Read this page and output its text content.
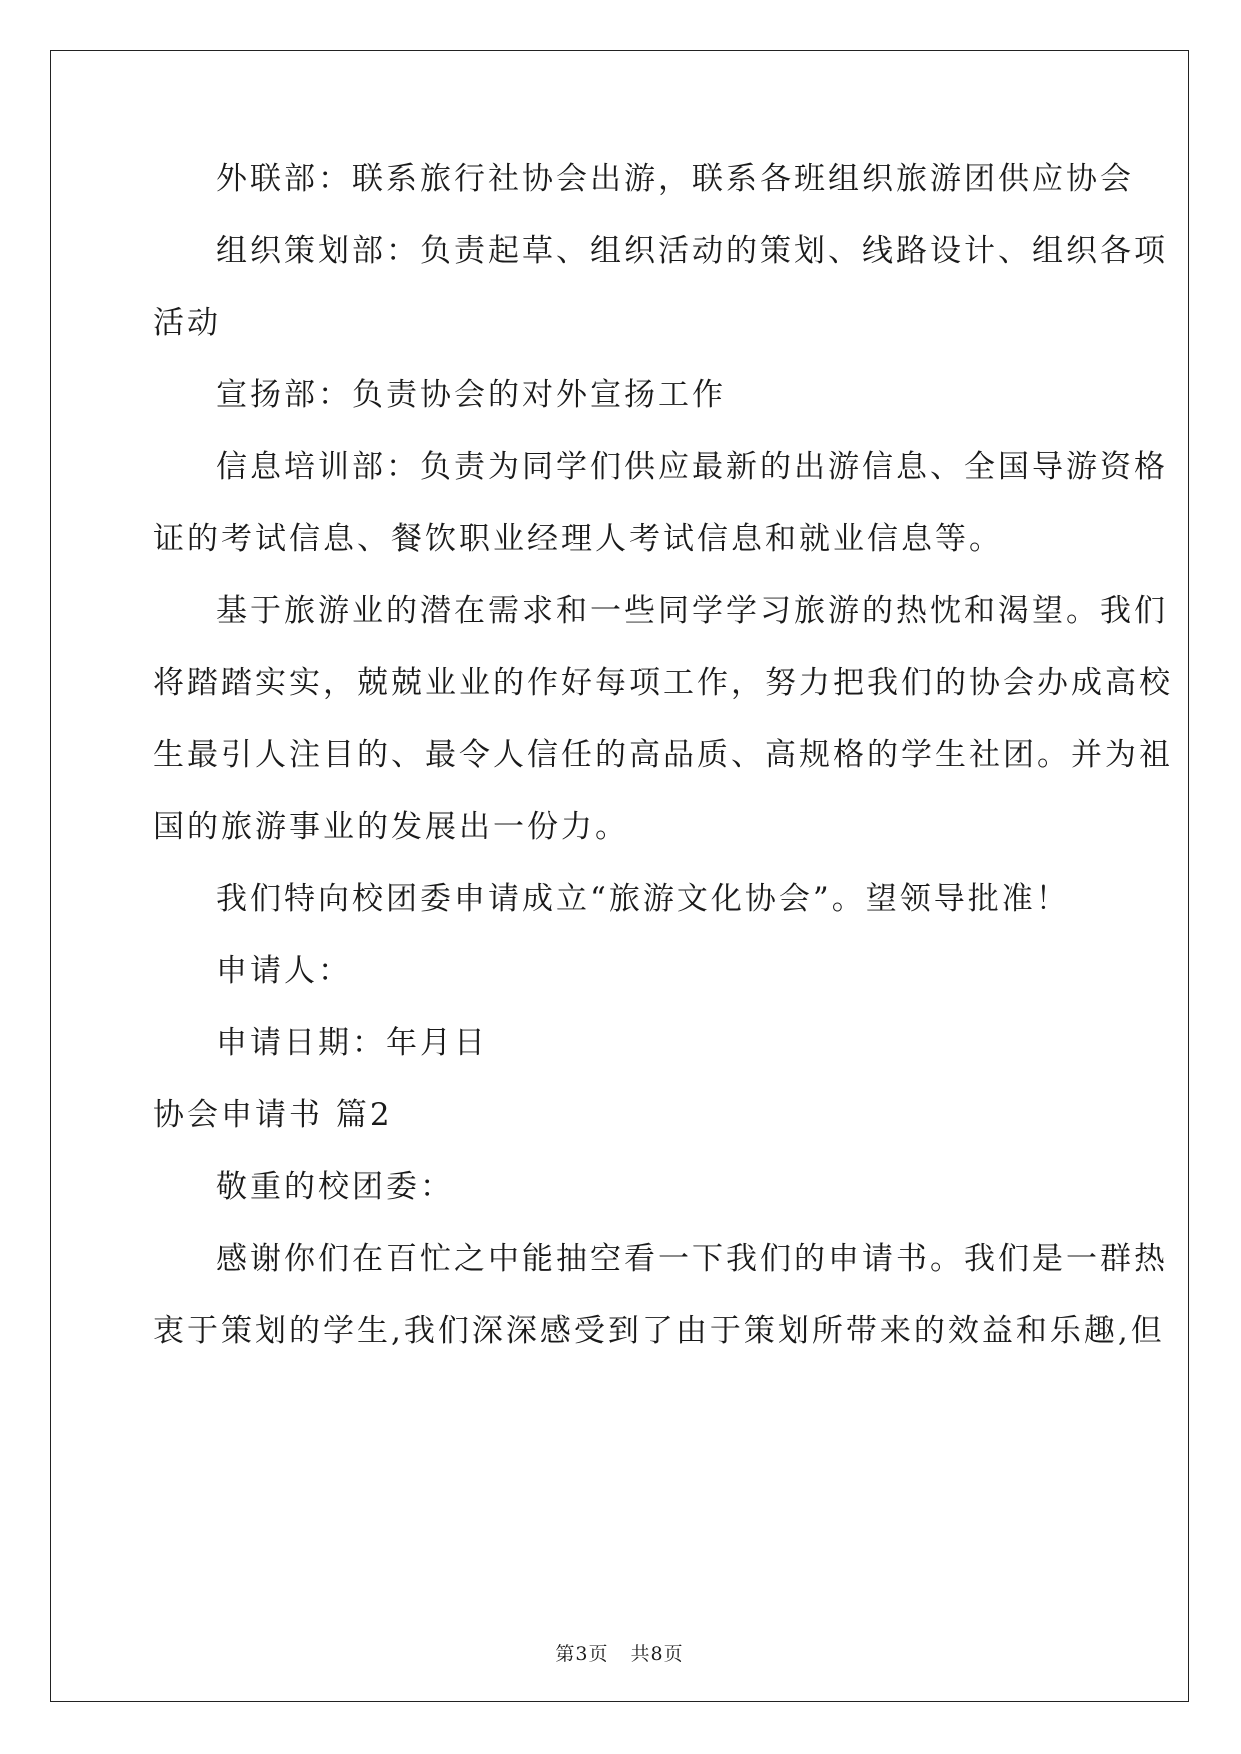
外联部：联系旅行社协会出游，联系各班组织旅游团供应协会
组织策划部：负责起草、组织活动的策划、线路设计、组织各项
活动
宣扬部：负责协会的对外宣扬工作
信息培训部：负责为同学们供应最新的出游信息、全国导游资格
证的考试信息、餐饮职业经理人考试信息和就业信息等。
基于旅游业的潜在需求和一些同学学习旅游的热忱和渴望。我们
将踏踏实实，兢兢业业的作好每项工作，努力把我们的协会办成高校
生最引人注目的、最令人信任的高品质、高规格的学生社团。并为祖
国的旅游事业的发展出一份力。
我们特向校团委申请成立“旅游文化协会”。望领导批准！
申请人：
申请日期：年月日
协会申请书 篇2
敬重的校团委：
感谢你们在百忙之中能抽空看一下我们的申请书。我们是一群热
衷于策划的学生,我们深深感受到了由于策划所带来的效益和乐趣,但
第3页 共8页
